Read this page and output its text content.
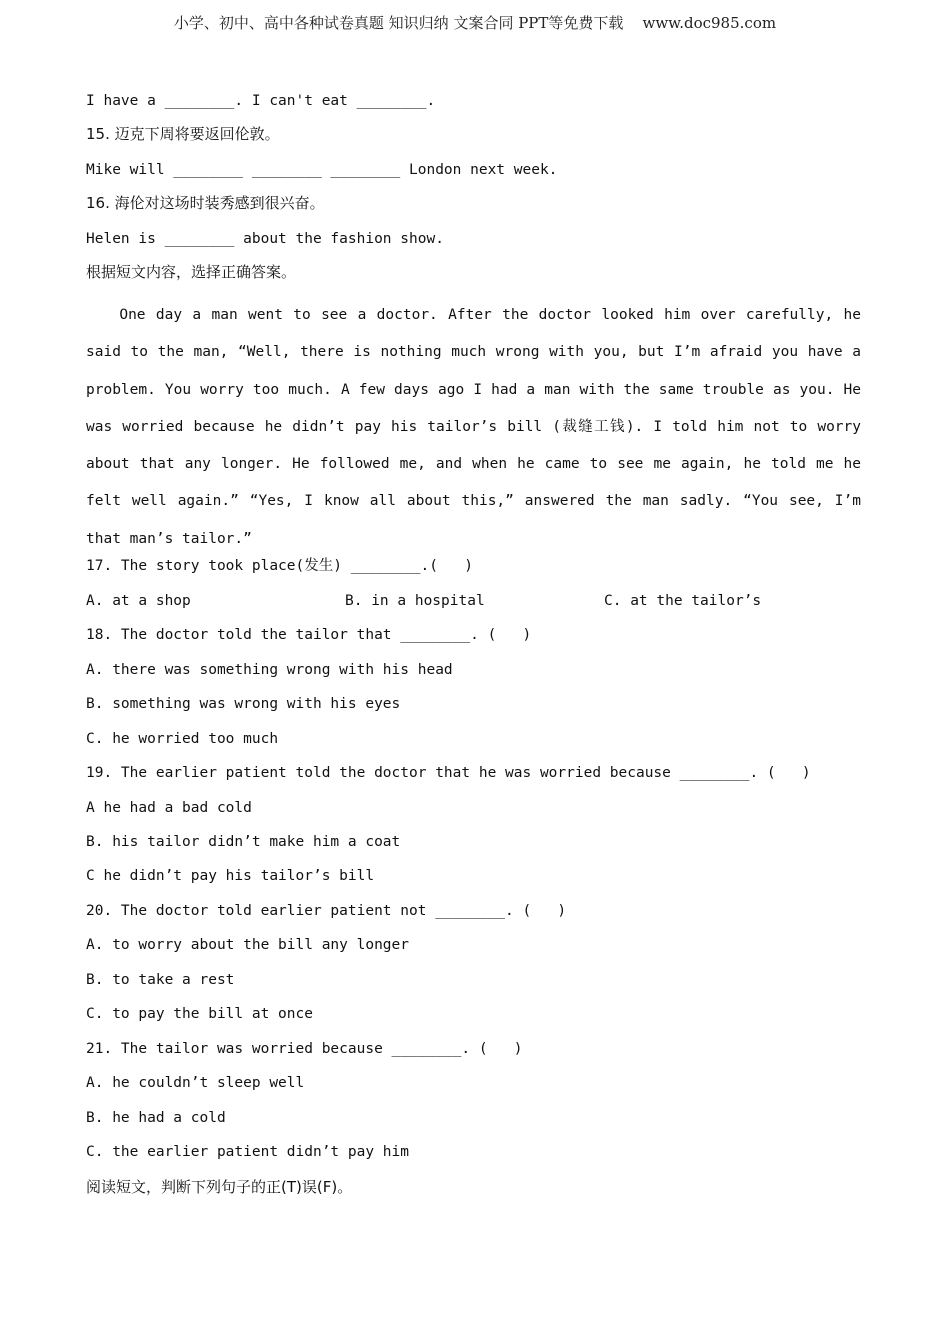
小学、初中、高中各种试卷真题 知识归纳 文案合同 PPT等免费下载    www.doc985.com
I have a ________. I can't eat ________.
15. 迈克下周将要返回伦敦。
Mike will ________ ________ ________ London next week.
16. 海伦对这场时装秀感到很兴奋。
Helen is ________ about the fashion show.
根据短文内容，选择正确答案。

One day a man went to see a doctor. After the doctor looked him over carefully, he said to the man, “Well, there is nothing much wrong with you, but I’m afraid you have a problem. You worry too much. A few days ago I had a man with the same trouble as you. He was worried because he didn’t pay his tailor’s bill (裁缝工钱). I told him not to worry about that any longer. He followed me, and when he came to see me again, he told me he felt well again.” “Yes, I know all about this,” answered the man sadly. “You see, I’m that man’s tailor.”

17. The story took place(发生) ________.(   )
A. at a shop	B. in a hospital	C. at the tailor’s
18. The doctor told the tailor that ________. (   )
A. there was something wrong with his head
B. something was wrong with his eyes
C. he worried too much
19. The earlier patient told the doctor that he was worried because ________. (   )
A he had a bad cold
B. his tailor didn’t make him a coat
C he didn’t pay his tailor’s bill
20. The doctor told earlier patient not ________. (   )
A. to worry about the bill any longer
B. to take a rest
C. to pay the bill at once
21. The tailor was worried because ________. (   )
A. he couldn’t sleep well
B. he had a cold
C. the earlier patient didn’t pay him
阅读短文，判断下列句子的正(T)误(F)。
